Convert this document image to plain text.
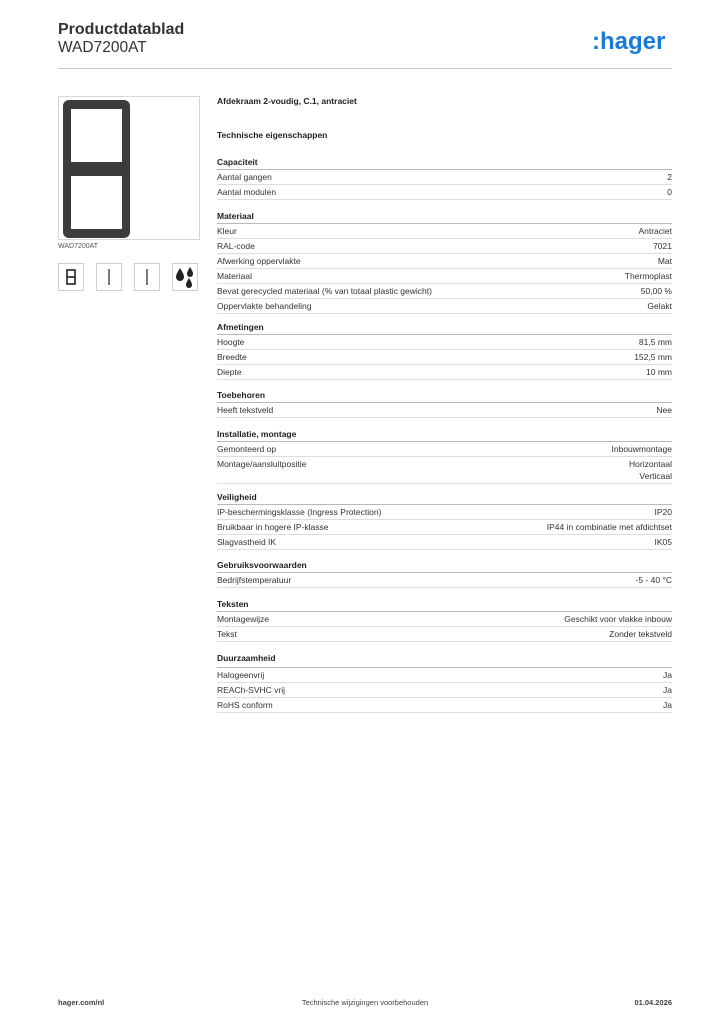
Productdatablad
WAD7200AT	:hager
WAD7200AT
Afdekraam 2-voudig, C.1, antraciet
Technische eigenschappen
Capaciteit
Aantal gangen	2
Aantal modulen	0
Materiaal
Kleur	Antraciet
RAL-code	7021
Afwerking oppervlakte	Mat
Materiaal	Thermoplast
Bevat gerecycled materiaal (% van totaal plastic gewicht)	50,00 %
Oppervlakte behandeling	Gelakt
Afmetingen
Hoogte	81,5 mm
Breedte	152,5 mm
Diepte	10 mm
Toebehoren
Heeft tekstveld	Nee
Installatie, montage
Gemonteerd op	Inbouwmontage
Montage/aansluitpositie	Horizontaal
Verticaal
Veiligheid
IP-beschermingsklasse (Ingress Protection)	IP20
Bruikbaar in hogere IP-klasse	IP44 in combinatie met afdichtset
Slagvastheid IK	IK05
Gebruiksvoorwaarden
Bedrijfstemperatuur	-5 - 40 °C
Teksten
Montagewijze	Geschikt voor vlakke inbouw
Tekst	Zonder tekstveld
Duurzaamheid
Halogeenvrij	Ja
REACh-SVHC vrij	Ja
RoHS conform	Ja
hager.com/nl	Technische wijzigingen voorbehouden	01.04.2026
